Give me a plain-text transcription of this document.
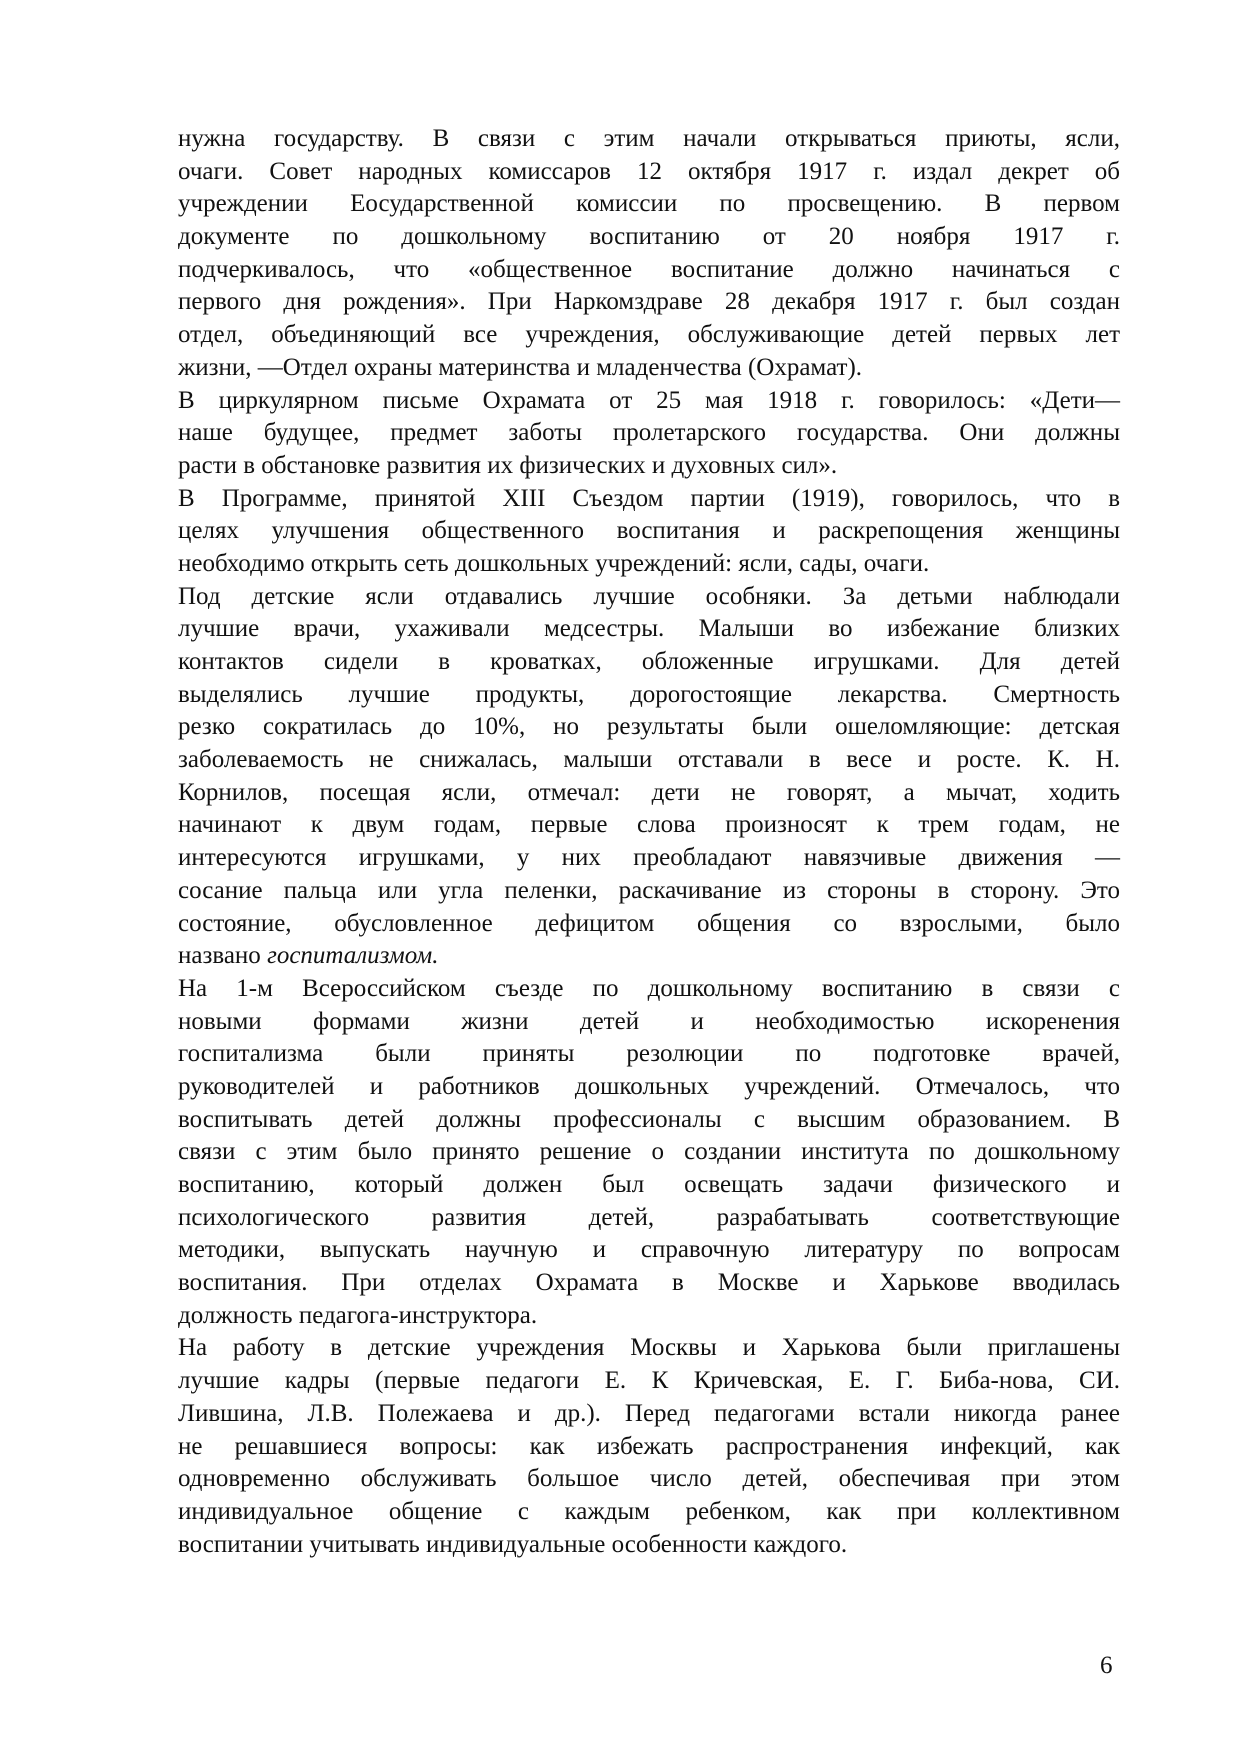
нужна государству. В связи с этим начали открываться приюты, ясли,
очаги. Совет народных комиссаров 12 октября 1917 г. издал декрет об
учреждении Еосударственной комиссии по просвещению. В первом
документе по дошкольному воспитанию от 20 ноября 1917 г.
подчеркивалось, что «общественное воспитание должно начинаться с
первого дня рождения». При Наркомздраве 28 декабря 1917 г. был создан
отдел, объединяющий все учреждения, обслуживающие детей первых лет
жизни, —Отдел охраны материнства и младенчества (Охрамат).
В циркулярном письме Охрамата от 25 мая 1918 г. говорилось: «Дети—
наше будущее, предмет заботы пролетарского государства. Они должны
расти в обстановке развития их физических и духовных сил».
В Программе, принятой XIII Съездом партии (1919), говорилось, что в
целях улучшения общественного воспитания и раскрепощения женщины
необходимо открыть сеть дошкольных учреждений: ясли, сады, очаги.
Под детские ясли отдавались лучшие особняки. За детьми наблюдали
лучшие врачи, ухаживали медсестры. Малыши во избежание близких
контактов сидели в кроватках, обложенные игрушками. Для детей
выделялись лучшие продукты, дорогостоящие лекарства. Смертность
резко сократилась до 10%, но результаты были ошеломляющие: детская
заболеваемость не снижалась, малыши отставали в весе и росте. К. Н.
Корнилов, посещая ясли, отмечал: дети не говорят, а мычат, ходить
начинают к двум годам, первые слова произносят к трем годам, не
интересуются игрушками, у них преобладают навязчивые движения —
сосание пальца или угла пеленки, раскачивание из стороны в сторону. Это
состояние, обусловленное дефицитом общения со взрослыми, было
названо госпитализмом.
На 1-м Всероссийском съезде по дошкольному воспитанию в связи с
новыми формами жизни детей и необходимостью искоренения
госпитализма были приняты резолюции по подготовке врачей,
руководителей и работников дошкольных учреждений. Отмечалось, что
воспитывать детей должны профессионалы с высшим образованием. В
связи с этим было принято решение о создании института по дошкольному
воспитанию, который должен был освещать задачи физического и
психологического развития детей, разрабатывать соответствующие
методики, выпускать научную и справочную литературу по вопросам
воспитания. При отделах Охрамата в Москве и Харькове вводилась
должность педагога-инструктора.
На работу в детские учреждения Москвы и Харькова были приглашены
лучшие кадры (первые педагоги Е. К Кричевская, Е. Г. Биба-нова, СИ.
Лившина, Л.В. Полежаева и др.). Перед педагогами встали никогда ранее
не решавшиеся вопросы: как избежать распространения инфекций, как
одновременно обслуживать большое число детей, обеспечивая при этом
индивидуальное общение с каждым ребенком, как при коллективном
воспитании учитывать индивидуальные особенности каждого.
6
